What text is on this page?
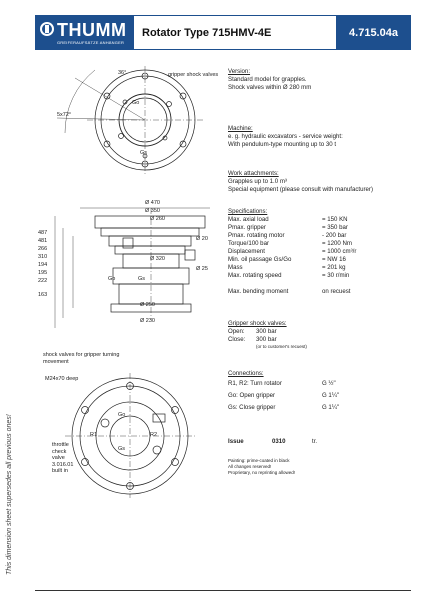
THUMM
GREIFERAUFSÄTZE ANHÄNGER
Rotator Type 715HMV-4E	4.715.04a
gripper shock valves
36°
5x72°
Go
Gs
Ø 470
Ø 350
Ø 260
Ø 320
Ø 250
Ø 230
Ø 20
Ø 25
487
481
266
310
194
195
222
163
Go	Gs
shock valves for gripper turning movement
M24x70 deep
throttle check valve 3.016.01 built in
R1	R2
Go
Gs
Version:
Standard model for grapples.
Shock valves within Ø 280 mm
Machine:
e. g. hydraulic excavators - service weight:
With pendulum-type mounting up to 30 t
Work attachments:
Grapples up to 1.0 m³
Special equipment (please consult with manufacturer)
Specifications:
Max. axial load	= 150 KN
Pmax. gripper	= 350 bar
Pmax. rotating motor	- 200 bar
Torque/100 bar	= 1200 Nm
Displacement	= 1000 cm³/r
Min. oil passage Gs/Go	= NW 16
Mass	= 201 kg
Max. rotating speed	= 30 r/min
Max. bending moment	on recuest
Gripper shock valves:
Open:	300 bar
Close:	300 bar
(or to customer's recuest)
Connections:
R1, R2: Turn rotator	G ½"
Go: Open gripper	G 1¼"
Gs: Close gripper	G 1¼"
Issue	0310	tr.
Painting: prime-coated in black
All changes reserved!
Proprietary, no reprinting allowed!
This dimension sheet supersedes all previous ones!
